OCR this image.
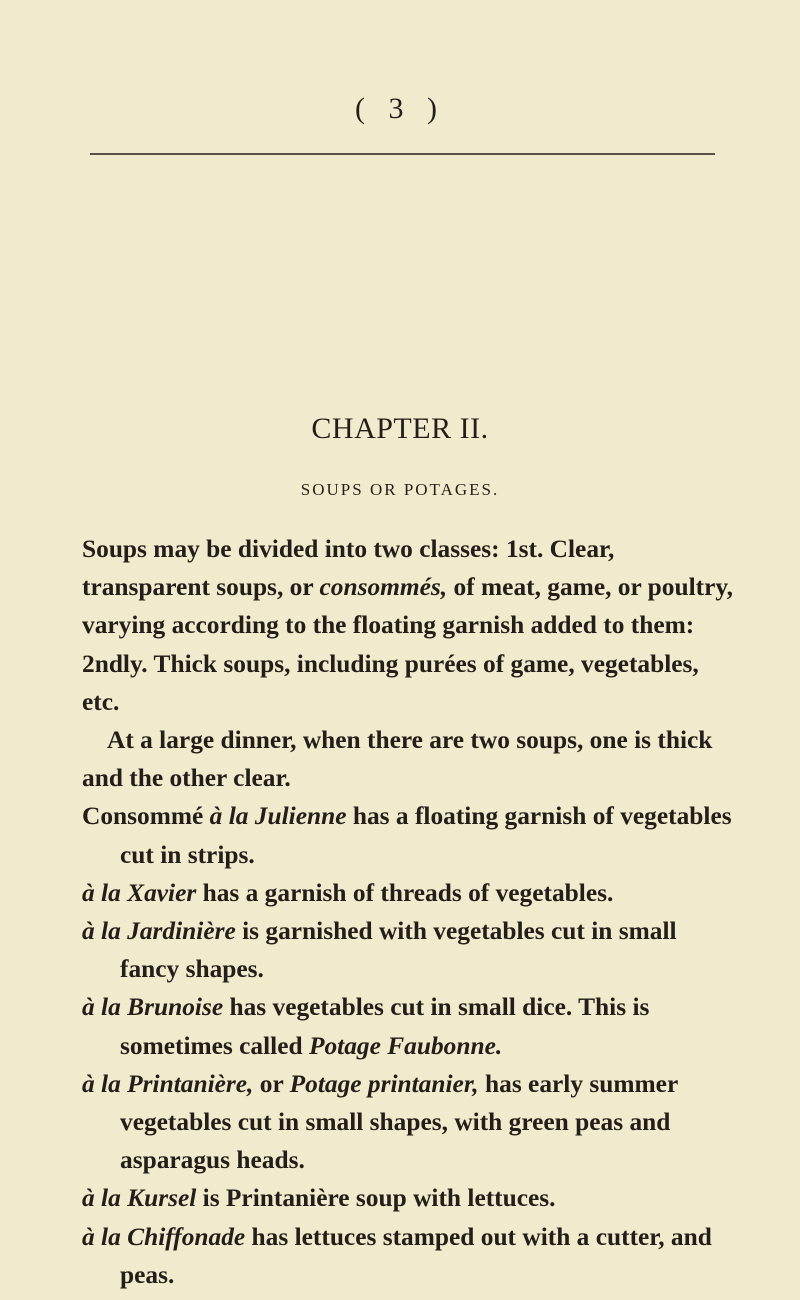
( 3 )
CHAPTER II.
SOUPS OR POTAGES.

Soups may be divided into two classes: 1st. Clear, transparent soups, or consommés, of meat, game, or poultry, varying according to the floating garnish added to them: 2ndly. Thick soups, including purées of game, vegetables, etc.

At a large dinner, when there are two soups, one is thick and the other clear.

Consommé à la Julienne has a floating garnish of vegetables cut in strips.

à la Xavier has a garnish of threads of vegetables.

à la Jardinière is garnished with vegetables cut in small fancy shapes.

à la Brunoise has vegetables cut in small dice. This is sometimes called Potage Faubonne.

à la Printanière, or Potage printanier, has early summer vegetables cut in small shapes, with green peas and asparagus heads.

à la Kursel is Printanière soup with lettuces.

à la Chiffonade has lettuces stamped out with a cutter, and peas.
